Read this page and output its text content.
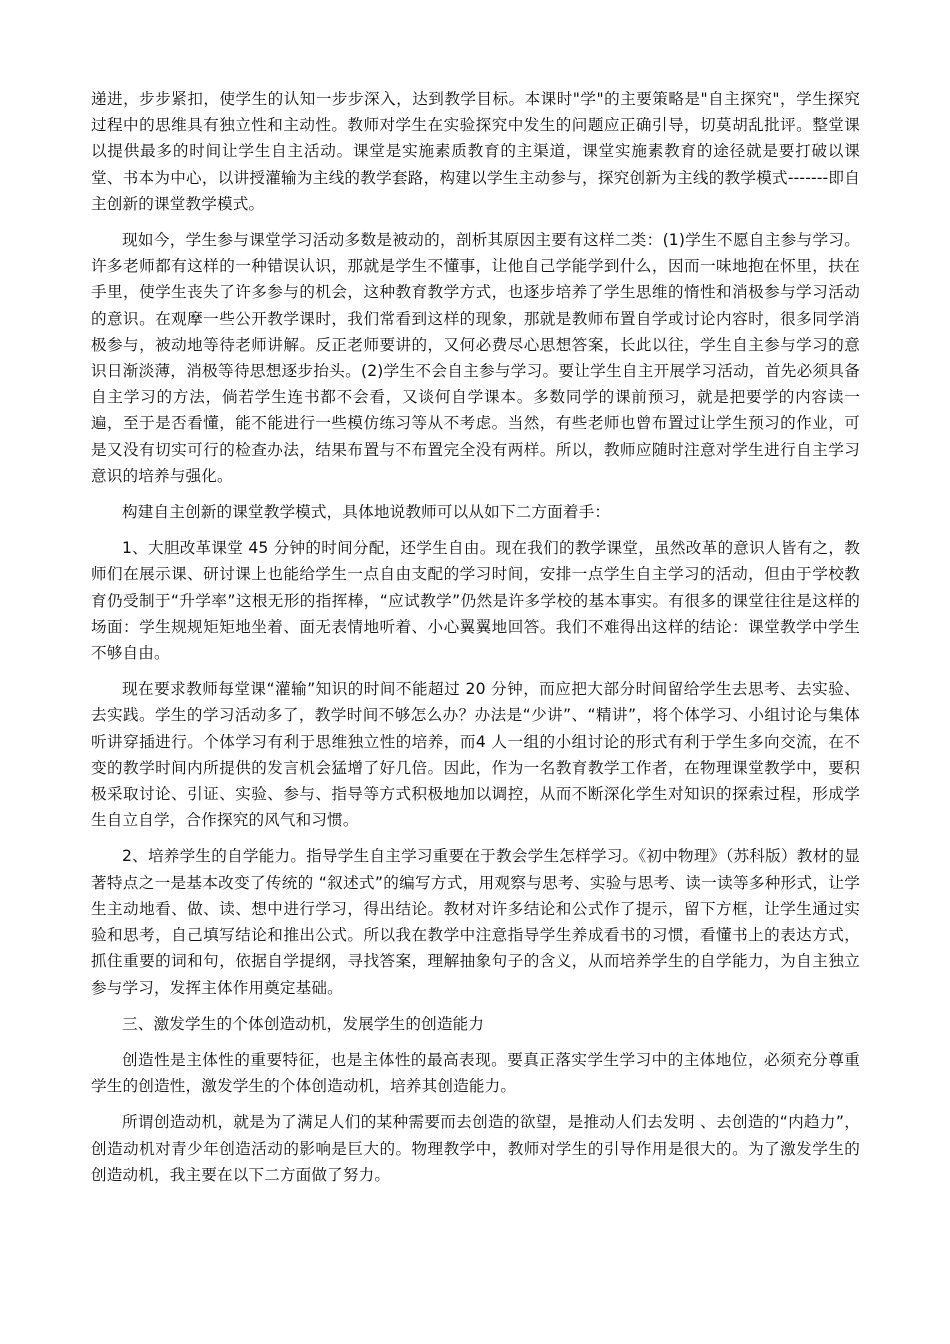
递进，步步紧扣，使学生的认知一步步深入，达到教学目标。本课时"学"的主要策略是"自主探究"，学生探究过程中的思维具有独立性和主动性。教师对学生在实验探究中发生的问题应正确引导，切莫胡乱批评。整堂课以提供最多的时间让学生自主活动。课堂是实施素质教育的主渠道，课堂实施素教育的途径就是要打破以课堂、书本为中心，以讲授灌输为主线的教学套路，构建以学生主动参与，探究创新为主线的教学模式-------即自主创新的课堂教学模式。

现如今，学生参与课堂学习活动多数是被动的，剖析其原因主要有这样二类：(1)学生不愿自主参与学习。许多老师都有这样的一种错误认识，那就是学生不懂事，让他自己学能学到什么，因而一味地抱在怀里，扶在手里，使学生丧失了许多参与的机会，这种教育教学方式，也逐步培养了学生思维的惰性和消极参与学习活动的意识。在观摩一些公开教学课时，我们常看到这样的现象，那就是教师布置自学或讨论内容时，很多同学消极参与，被动地等待老师讲解。反正老师要讲的，又何必费尽心思想答案，长此以往，学生自主参与学习的意识日渐淡薄，消极等待思想逐步抬头。(2)学生不会自主参与学习。要让学生自主开展学习活动，首先必须具备自主学习的方法，倘若学生连书都不会看，又谈何自学课本。多数同学的课前预习，就是把要学的内容读一遍，至于是否看懂，能不能进行一些模仿练习等从不考虑。当然，有些老师也曾布置过让学生预习的作业，可是又没有切实可行的检查办法，结果布置与不布置完全没有两样。所以，教师应随时注意对学生进行自主学习意识的培养与强化。

构建自主创新的课堂教学模式，具体地说教师可以从如下二方面着手：

1、大胆改革课堂 45 分钟的时间分配，还学生自由。现在我们的教学课堂，虽然改革的意识人皆有之，教师们在展示课、研讨课上也能给学生一点自由支配的学习时间，安排一点学生自主学习的活动，但由于学校教育仍受制于“升学率”这根无形的指挥棒，“应试教学”仍然是许多学校的基本事实。有很多的课堂往往是这样的场面：学生规规矩矩地坐着、面无表情地听着、小心翼翼地回答。我们不难得出这样的结论：课堂教学中学生不够自由。

现在要求教师每堂课“灌输”知识的时间不能超过 20 分钟，而应把大部分时间留给学生去思考、去实验、去实践。学生的学习活动多了，教学时间不够怎么办？办法是“少讲”、“精讲”，将个体学习、小组讨论与集体听讲穿插进行。个体学习有利于思维独立性的培养，而4 人一组的小组讨论的形式有利于学生多向交流，在不变的教学时间内所提供的发言机会猛增了好几倍。因此，作为一名教育教学工作者，在物理课堂教学中，要积极采取讨论、引证、实验、参与、指导等方式积极地加以调控，从而不断深化学生对知识的探索过程，形成学生自立自学，合作探究的风气和习惯。

2、培养学生的自学能力。指导学生自主学习重要在于教会学生怎样学习。《初中物理》（苏科版）教材的显著特点之一是基本改变了传统的 “叙述式”的编写方式，用观察与思考、实验与思考、读一读等多种形式，让学生主动地看、做、读、想中进行学习，得出结论。教材对许多结论和公式作了提示，留下方框，让学生通过实验和思考，自己填写结论和推出公式。所以我在教学中注意指导学生养成看书的习惯，看懂书上的表达方式，抓住重要的词和句，依据自学提纲，寻找答案，理解抽象句子的含义，从而培养学生的自学能力，为自主独立参与学习，发挥主体作用奠定基础。

三、激发学生的个体创造动机，发展学生的创造能力

创造性是主体性的重要特征，也是主体性的最高表现。要真正落实学生学习中的主体地位，必须充分尊重学生的创造性，激发学生的个体创造动机，培养其创造能力。

所谓创造动机，就是为了满足人们的某种需要而去创造的欲望，是推动人们去发明 、去创造的“内趋力”，创造动机对青少年创造活动的影响是巨大的。物理教学中，教师对学生的引导作用是很大的。为了激发学生的创造动机，我主要在以下二方面做了努力。
